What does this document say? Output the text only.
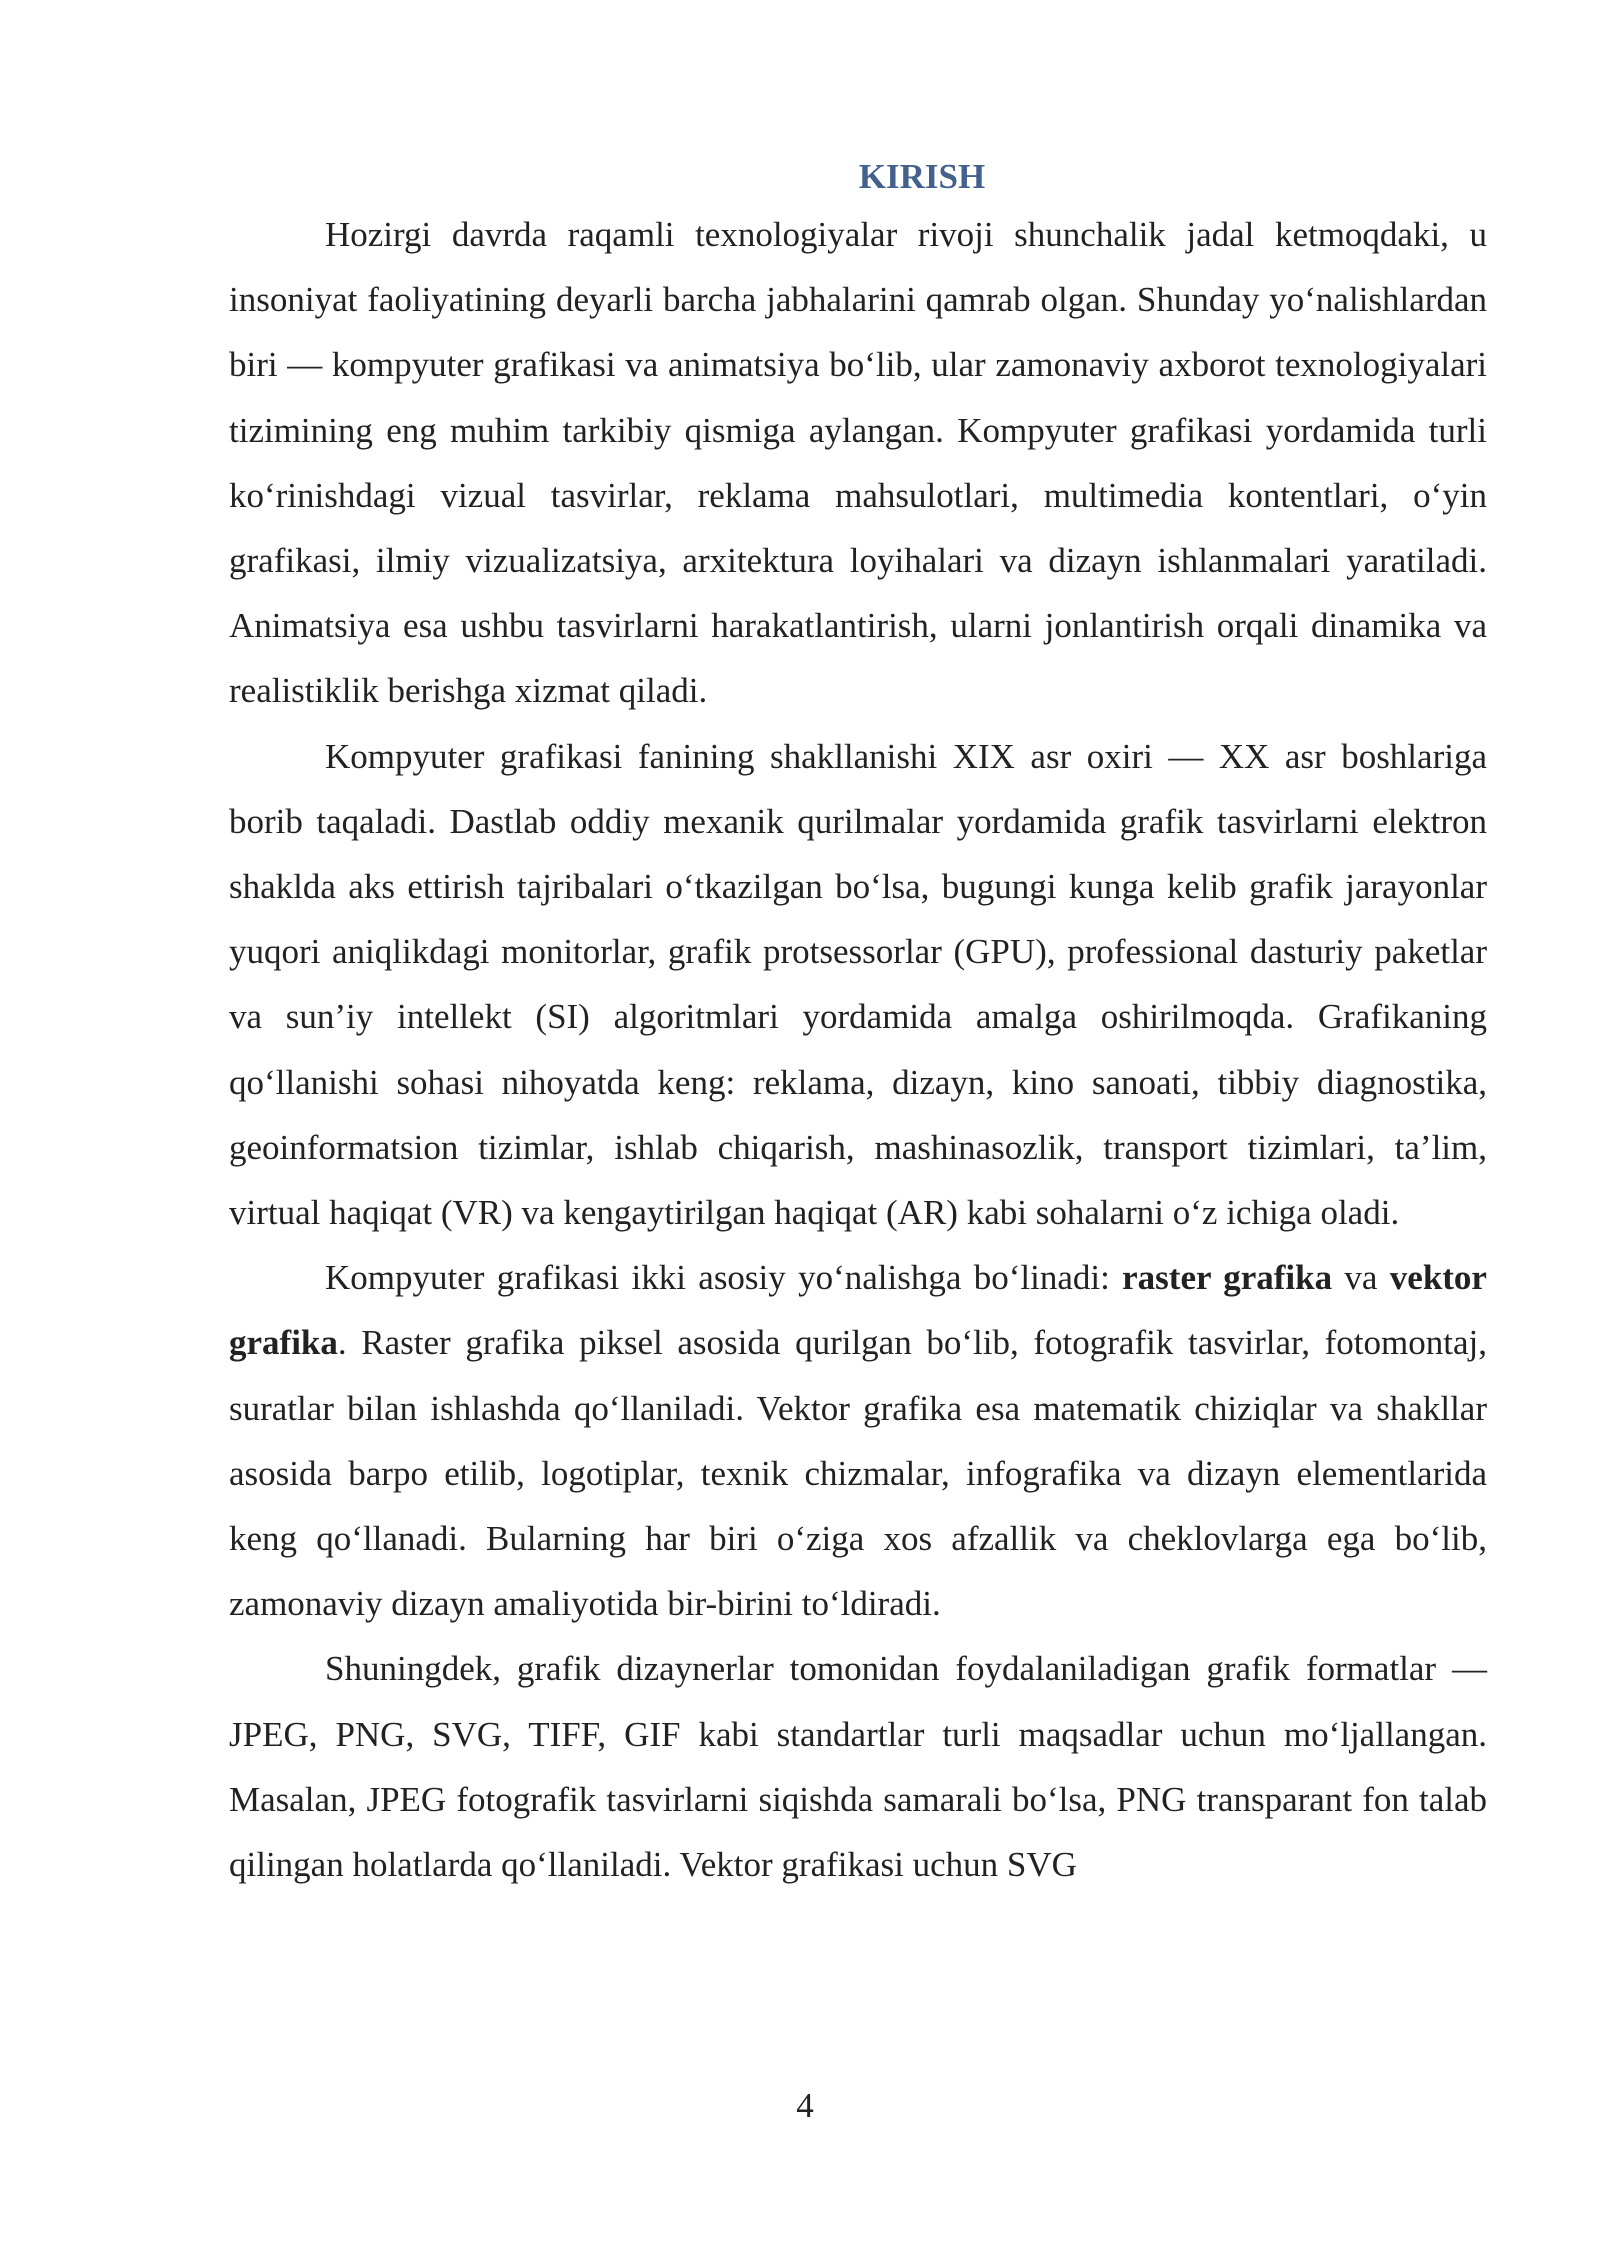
KIRISH

Hozirgi davrda raqamli texnologiyalar rivoji shunchalik jadal ketmoqdaki, u insoniyat faoliyatining deyarli barcha jabhalarini qamrab olgan. Shunday yoʻnalishlardan biri — kompyuter grafikasi va animatsiya boʻlib, ular zamonaviy axborot texnologiyalari tizimining eng muhim tarkibiy qismiga aylangan. Kompyuter grafikasi yordamida turli koʻrinishdagi vizual tasvirlar, reklama mahsulotlari, multimedia kontentlari, oʻyin grafikasi, ilmiy vizualizatsiya, arxitektura loyihalari va dizayn ishlanmalari yaratiladi. Animatsiya esa ushbu tasvirlarni harakatlantirish, ularni jonlantirish orqali dinamika va realistiklik berishga xizmat qiladi.

Kompyuter grafikasi fanining shakllanishi XIX asr oxiri — XX asr boshlariga borib taqaladi. Dastlab oddiy mexanik qurilmalar yordamida grafik tasvirlarni elektron shaklda aks ettirish tajribalari oʻtkazilgan boʻlsa, bugungi kunga kelib grafik jarayonlar yuqori aniqlikdagi monitorlar, grafik protsessorlar (GPU), professional dasturiy paketlar va sun’iy intellekt (SI) algoritmlari yordamida amalga oshirilmoqda. Grafikaning qoʻllanishi sohasi nihoyatda keng: reklama, dizayn, kino sanoati, tibbiy diagnostika, geoinformatsion tizimlar, ishlab chiqarish, mashinasozlik, transport tizimlari, ta’lim, virtual haqiqat (VR) va kengaytirilgan haqiqat (AR) kabi sohalarni oʻz ichiga oladi.

Kompyuter grafikasi ikki asosiy yoʻnalishga boʻlinadi: raster grafika va vektor grafika. Raster grafika piksel asosida qurilgan boʻlib, fotografik tasvirlar, fotomontaj, suratlar bilan ishlashda qoʻllaniladi. Vektor grafika esa matematik chiziqlar va shakllar asosida barpo etilib, logotiplar, texnik chizmalar, infografika va dizayn elementlarida keng qoʻllanadi. Bularning har biri oʻziga xos afzallik va cheklovlarga ega boʻlib, zamonaviy dizayn amaliyotida bir-birini toʻldiradi.

Shuningdek, grafik dizaynerlar tomonidan foydalaniladigan grafik formatlar — JPEG, PNG, SVG, TIFF, GIF kabi standartlar turli maqsadlar uchun moʻljallangan. Masalan, JPEG fotografik tasvirlarni siqishda samarali boʻlsa, PNG transparant fon talab qilingan holatlarda qoʻllaniladi. Vektor grafikasi uchun SVG

4
